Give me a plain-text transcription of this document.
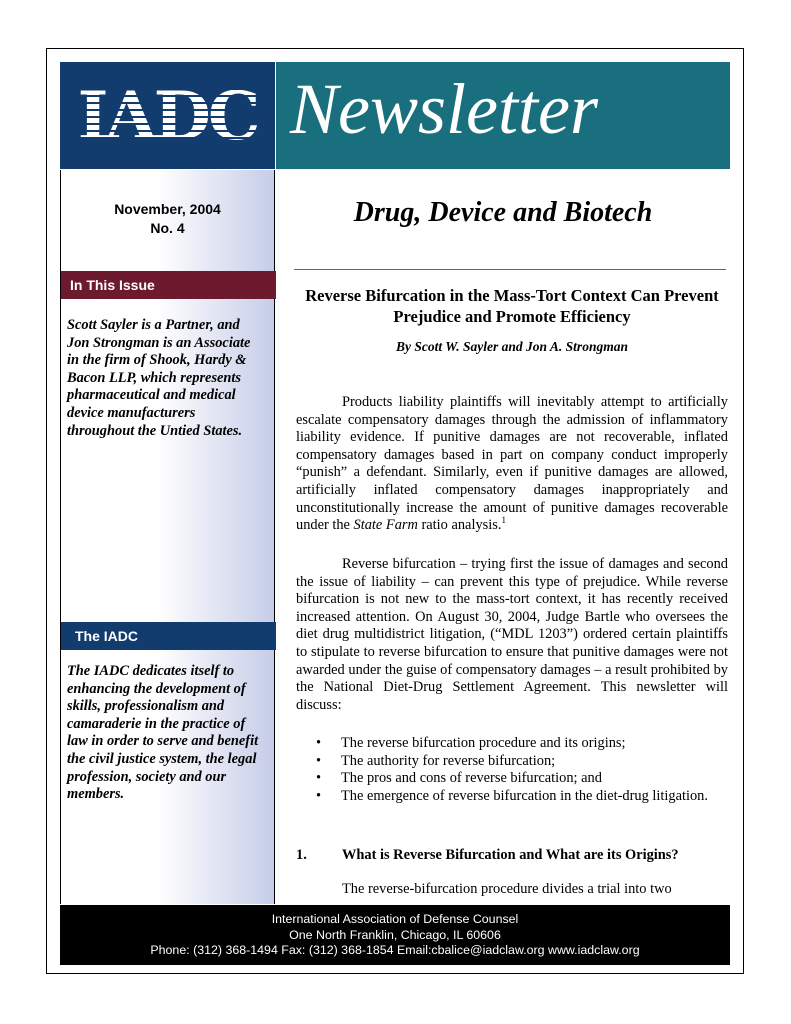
IADC Newsletter
November, 2004
No. 4
In This Issue
Scott Sayler is a Partner, and Jon Strongman is an Associate in the firm of Shook, Hardy & Bacon LLP, which represents pharmaceutical and medical device manufacturers throughout the Untied States.
The IADC
The IADC dedicates itself to enhancing the development of skills, professionalism and camaraderie in the practice of law in order to serve and benefit the civil justice system, the legal profession, society and our members.
Drug, Device and Biotech
Reverse Bifurcation in the Mass-Tort Context Can Prevent Prejudice and Promote Efficiency
By Scott W. Sayler and Jon A. Strongman

Products liability plaintiffs will inevitably attempt to artificially escalate compensatory damages through the admission of inflammatory liability evidence. If punitive damages are not recoverable, inflated compensatory damages based in part on company conduct improperly “punish” a defendant. Similarly, even if punitive damages are allowed, artificially inflated compensatory damages inappropriately and unconstitutionally increase the amount of punitive damages recoverable under the State Farm ratio analysis.$^1$

Reverse bifurcation – trying first the issue of damages and second the issue of liability – can prevent this type of prejudice. While reverse bifurcation is not new to the mass-tort context, it has recently received increased attention. On August 30, 2004, Judge Bartle who oversees the diet drug multidistrict litigation, (“MDL 1203”) ordered certain plaintiffs to stipulate to reverse bifurcation to ensure that punitive damages were not awarded under the guise of compensatory damages – a result prohibited by the National Diet-Drug Settlement Agreement. This newsletter will discuss:

• The reverse bifurcation procedure and its origins;
• The authority for reverse bifurcation;
• The pros and cons of reverse bifurcation; and
• The emergence of reverse bifurcation in the diet-drug litigation.
1. What is Reverse Bifurcation and What are its Origins?

The reverse-bifurcation procedure divides a trial into two

International Association of Defense Counsel
One North Franklin, Chicago, IL 60606
Phone: (312) 368-1494 Fax: (312) 368-1854 Email:cbalice@iadclaw.org www.iadclaw.org
